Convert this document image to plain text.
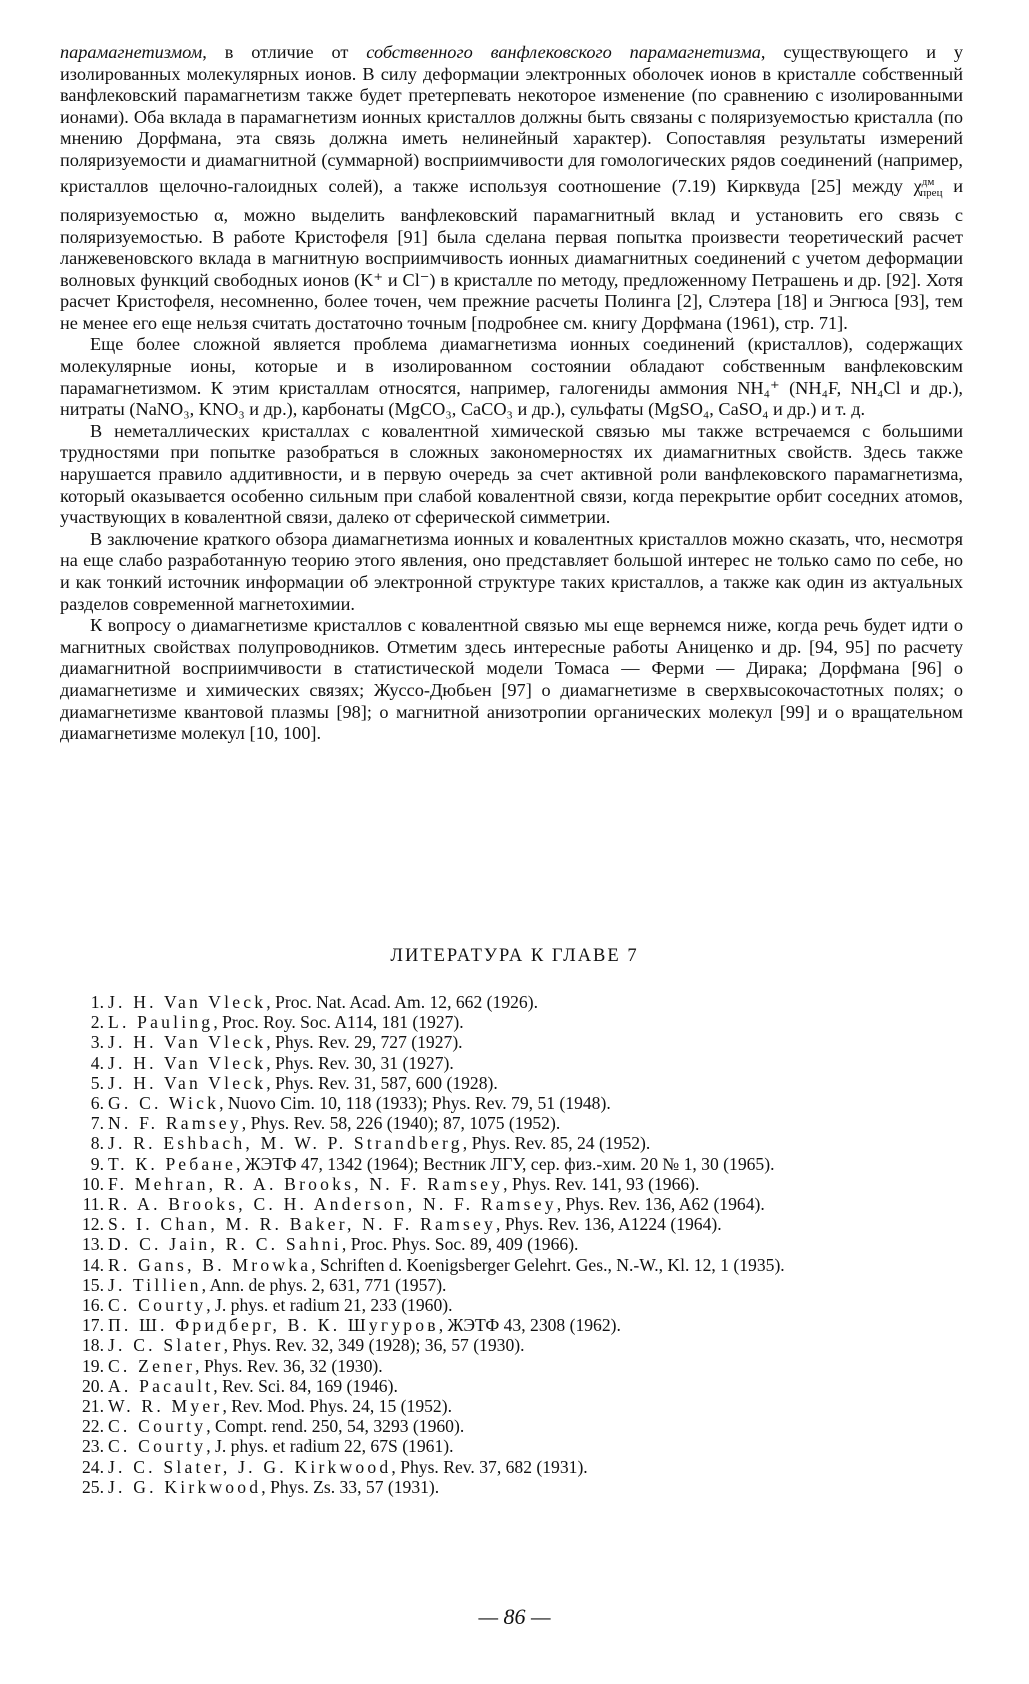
парамагнетизмом, в отличие от собственного ванфлековского парамагнетизма, существующего и у изолированных молекулярных ионов. В силу деформации электронных оболочек ионов в кристалле собственный ванфлековский парамагнетизм также будет претерпевать некоторое изменение (по сравнению с изолированными ионами). Оба вклада в парамагнетизм ионных кристаллов должны быть связаны с поляризуемостью кристалла (по мнению Дорфмана, эта связь должна иметь нелинейный характер). Сопоставляя результаты измерений поляризуемости и диамагнитной (суммарной) восприимчивости для гомологических рядов соединений (например, кристаллов щелочно-галоидных солей), а также используя соотношение (7.19) Кирквуда [25] между $\chi^{дм}_{прец}$ и поляризуемостью α, можно выделить ванфлековский парамагнитный вклад и установить его связь с поляризуемостью. В работе Кристофеля [91] была сделана первая попытка произвести теоретический расчет ланжевеновского вклада в магнитную восприимчивость ионных диамагнитных соединений с учетом деформации волновых функций свободных ионов (K⁺ и Cl⁻) в кристалле по методу, предложенному Петрашень и др. [92]. Хотя расчет Кристофеля, несомненно, более точен, чем прежние расчеты Полинга [2], Слэтера [18] и Энгюса [93], тем не менее его еще нельзя считать достаточно точным [подробнее см. книгу Дорфмана (1961), стр. 71].

Еще более сложной является проблема диамагнетизма ионных соединений (кристаллов), содержащих молекулярные ионы, которые и в изолированном состоянии обладают собственным ванфлековским парамагнетизмом. К этим кристаллам относятся, например, галогениды аммония NH₄⁺ (NH₄F, NH₄Cl и др.), нитраты (NaNO₃, KNO₃ и др.), карбонаты (MgCO₃, CaCO₃ и др.), сульфаты (MgSO₄, CaSO₄ и др.) и т. д.

В неметаллических кристаллах с ковалентной химической связью мы также встречаемся с большими трудностями при попытке разобраться в сложных закономерностях их диамагнитных свойств. Здесь также нарушается правило аддитивности, и в первую очередь за счет активной роли ванфлековского парамагнетизма, который оказывается особенно сильным при слабой ковалентной связи, когда перекрытие орбит соседних атомов, участвующих в ковалентной связи, далеко от сферической симметрии.

В заключение краткого обзора диамагнетизма ионных и ковалентных кристаллов можно сказать, что, несмотря на еще слабо разработанную теорию этого явления, оно представляет большой интерес не только само по себе, но и как тонкий источник информации об электронной структуре таких кристаллов, а также как один из актуальных разделов современной магнетохимии.

К вопросу о диамагнетизме кристаллов с ковалентной связью мы еще вернемся ниже, когда речь будет идти о магнитных свойствах полупроводников. Отметим здесь интересные работы Аниценко и др. [94, 95] по расчету диамагнитной восприимчивости в статистической модели Томаса — Ферми — Дирака; Дорфмана [96] о диамагнетизме и химических связях; Жуссо-Дюбьен [97] о диамагнетизме в сверхвысокочастотных полях; о диамагнетизме квантовой плазмы [98]; о магнитной анизотропии органических молекул [99] и о вращательном диамагнетизме молекул [10, 100].

ЛИТЕРАТУРА К ГЛАВЕ 7
1. J. H. Van Vleck, Proc. Nat. Acad. Am. 12, 662 (1926).
2. L. Pauling, Proc. Roy. Soc. A114, 181 (1927).
3. J. H. Van Vleck, Phys. Rev. 29, 727 (1927).
4. J. H. Van Vleck, Phys. Rev. 30, 31 (1927).
5. J. H. Van Vleck, Phys. Rev. 31, 587, 600 (1928).
6. G. C. Wick, Nuovo Cim. 10, 118 (1933); Phys. Rev. 79, 51 (1948).
7. N. F. Ramsey, Phys. Rev. 58, 226 (1940); 87, 1075 (1952).
8. J. R. Eshbach, M. W. P. Strandberg, Phys. Rev. 85, 24 (1952).
9. Т. К. Ребане, ЖЭТФ 47, 1342 (1964); Вестник ЛГУ, сер. физ.-хим. 20 № 1, 30 (1965).
10. F. Mehran, R. A. Brooks, N. F. Ramsey, Phys. Rev. 141, 93 (1966).
11. R. A. Brooks, C. H. Anderson, N. F. Ramsey, Phys. Rev. 136, A62 (1964).
12. S. I. Chan, M. R. Baker, N. F. Ramsey, Phys. Rev. 136, A1224 (1964).
13. D. C. Jain, R. C. Sahni, Proc. Phys. Soc. 89, 409 (1966).
14. R. Gans, B. Mrowka, Schriften d. Koenigsberger Gelehrt. Ges., N.-W., Kl. 12, 1 (1935).
15. J. Tillien, Ann. de phys. 2, 631, 771 (1957).
16. C. Courty, J. phys. et radium 21, 233 (1960).
17. П. Ш. Фридберг, В. К. Шугуров, ЖЭТФ 43, 2308 (1962).
18. J. C. Slater, Phys. Rev. 32, 349 (1928); 36, 57 (1930).
19. C. Zener, Phys. Rev. 36, 32 (1930).
20. A. Pacault, Rev. Sci. 84, 169 (1946).
21. W. R. Myer, Rev. Mod. Phys. 24, 15 (1952).
22. C. Courty, Compt. rend. 250, 54, 3293 (1960).
23. C. Courty, J. phys. et radium 22, 67S (1961).
24. J. C. Slater, J. G. Kirkwood, Phys. Rev. 37, 682 (1931).
25. J. G. Kirkwood, Phys. Zs. 33, 57 (1931).
— 86 —
